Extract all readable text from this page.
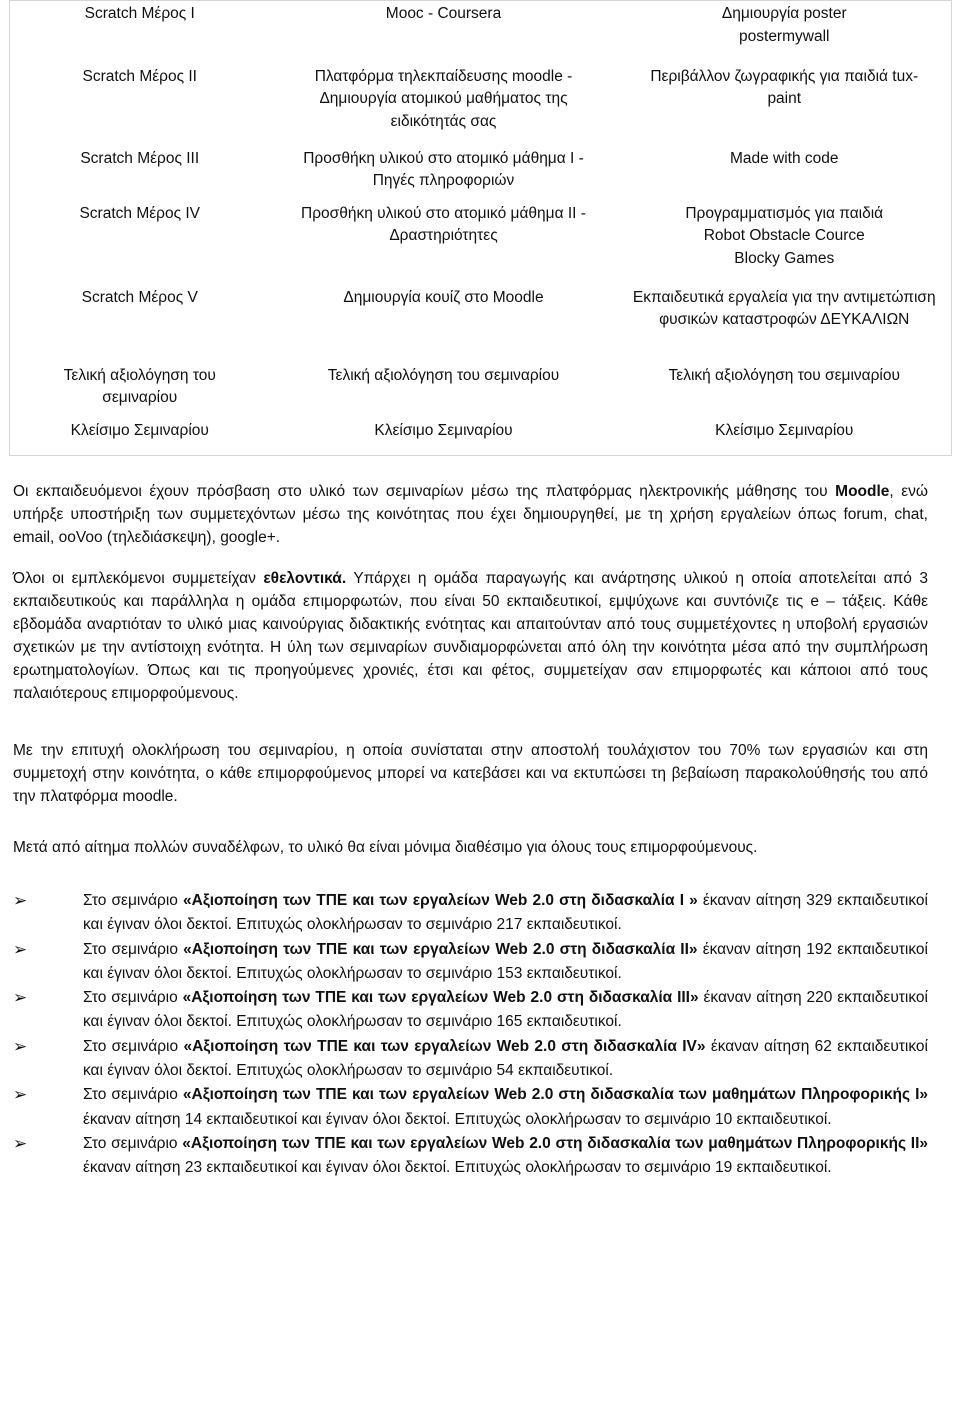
Scratch Μέρος Ι	Mooc - Coursera	Δημιουργία poster postermywall
Scratch Μέρος ΙΙ	Πλατφόρμα τηλεκπαίδευσης moodle - Δημιουργία ατομικού μαθήματος της ειδικότητάς σας	Περιβάλλον ζωγραφικής για παιδιά tux-paint
Scratch Μέρος ΙΙΙ	Προσθήκη υλικού στο ατομικό μάθημα Ι - Πηγές πληροφοριών	Made with code
Scratch Μέρος ΙV	Προσθήκη υλικού στο ατομικό μάθημα ΙΙ - Δραστηριότητες	Προγραμματισμός για παιδιά Robot Obstacle Cource Blocky Games
Scratch Μέρος V	Δημιουργία κουίζ στο Moodle	Εκπαιδευτικά εργαλεία για την αντιμετώπιση φυσικών καταστροφών ΔΕΥΚΑΛΙΩΝ
Τελική αξιολόγηση του σεμιναρίου	Τελική αξιολόγηση του σεμιναρίου	Τελική αξιολόγηση του σεμιναρίου
Κλείσιμο Σεμιναρίου	Κλείσιμο Σεμιναρίου	Κλείσιμο Σεμιναρίου

Οι εκπαιδευόμενοι έχουν πρόσβαση στο υλικό των σεμιναρίων μέσω της πλατφόρμας ηλεκτρονικής μάθησης του Moodle, ενώ υπήρξε υποστήριξη των συμμετεχόντων μέσω της κοινότητας που έχει δημιουργηθεί, με τη χρήση εργαλείων όπως forum, chat, email, ooVoo (τηλεδιάσκεψη), google+.

Όλοι οι εμπλεκόμενοι συμμετείχαν εθελοντικά. Υπάρχει η ομάδα παραγωγής και ανάρτησης υλικού η οποία αποτελείται από 3 εκπαιδευτικούς και παράλληλα η ομάδα επιμορφωτών, που είναι 50 εκπαιδευτικοί, εμψύχωνε και συντόνιζε τις e – τάξεις. Κάθε εβδομάδα αναρτιόταν το υλικό μιας καινούργιας διδακτικής ενότητας και απαιτούνταν από τους συμμετέχοντες η υποβολή εργασιών σχετικών με την αντίστοιχη ενότητα. Η ύλη των σεμιναρίων συνδιαμορφώνεται από όλη την κοινότητα μέσα από την συμπλήρωση ερωτηματολογίων. Όπως και τις προηγούμενες χρονιές, έτσι και φέτος, συμμετείχαν σαν επιμορφωτές και κάποιοι από τους παλαιότερους επιμορφούμενους.

Με την επιτυχή ολοκλήρωση του σεμιναρίου, η οποία συνίσταται στην αποστολή τουλάχιστον του 70% των εργασιών και στη συμμετοχή στην κοινότητα, ο κάθε επιμορφούμενος μπορεί να κατεβάσει και να εκτυπώσει τη βεβαίωση παρακολούθησής του από την πλατφόρμα moodle.

Μετά από αίτημα πολλών συναδέλφων, το υλικό θα είναι μόνιμα διαθέσιμο για όλους τους επιμορφούμενους.

➢	Στο σεμινάριο «Αξιοποίηση των ΤΠΕ και των εργαλείων Web 2.0 στη διδασκαλία Ι » έκαναν αίτηση 329 εκπαιδευτικοί και έγιναν όλοι δεκτοί. Επιτυχώς ολοκλήρωσαν το σεμινάριο 217 εκπαιδευτικοί.
➢	Στο σεμινάριο «Αξιοποίηση των ΤΠΕ και των εργαλείων Web 2.0 στη διδασκαλία ΙΙ» έκαναν αίτηση 192 εκπαιδευτικοί και έγιναν όλοι δεκτοί. Επιτυχώς ολοκλήρωσαν το σεμινάριο 153 εκπαιδευτικοί.
➢	Στο σεμινάριο «Αξιοποίηση των ΤΠΕ και των εργαλείων Web 2.0 στη διδασκαλία ΙΙΙ» έκαναν αίτηση 220 εκπαιδευτικοί και έγιναν όλοι δεκτοί. Επιτυχώς ολοκλήρωσαν το σεμινάριο 165 εκπαιδευτικοί.
➢	Στο σεμινάριο «Αξιοποίηση των ΤΠΕ και των εργαλείων Web 2.0 στη διδασκαλία IV» έκαναν αίτηση 62 εκπαιδευτικοί και έγιναν όλοι δεκτοί. Επιτυχώς ολοκλήρωσαν το σεμινάριο 54 εκπαιδευτικοί.
➢	Στο σεμινάριο «Αξιοποίηση των ΤΠΕ και των εργαλείων Web 2.0 στη διδασκαλία των μαθημάτων Πληροφορικής Ι» έκαναν αίτηση 14 εκπαιδευτικοί και έγιναν όλοι δεκτοί. Επιτυχώς ολοκλήρωσαν το σεμινάριο 10 εκπαιδευτικοί.
➢	Στο σεμινάριο «Αξιοποίηση των ΤΠΕ και των εργαλείων Web 2.0 στη διδασκαλία των μαθημάτων Πληροφορικής ΙΙ» έκαναν αίτηση 23 εκπαιδευτικοί και έγιναν όλοι δεκτοί. Επιτυχώς ολοκλήρωσαν το σεμινάριο 19 εκπαιδευτικοί.
